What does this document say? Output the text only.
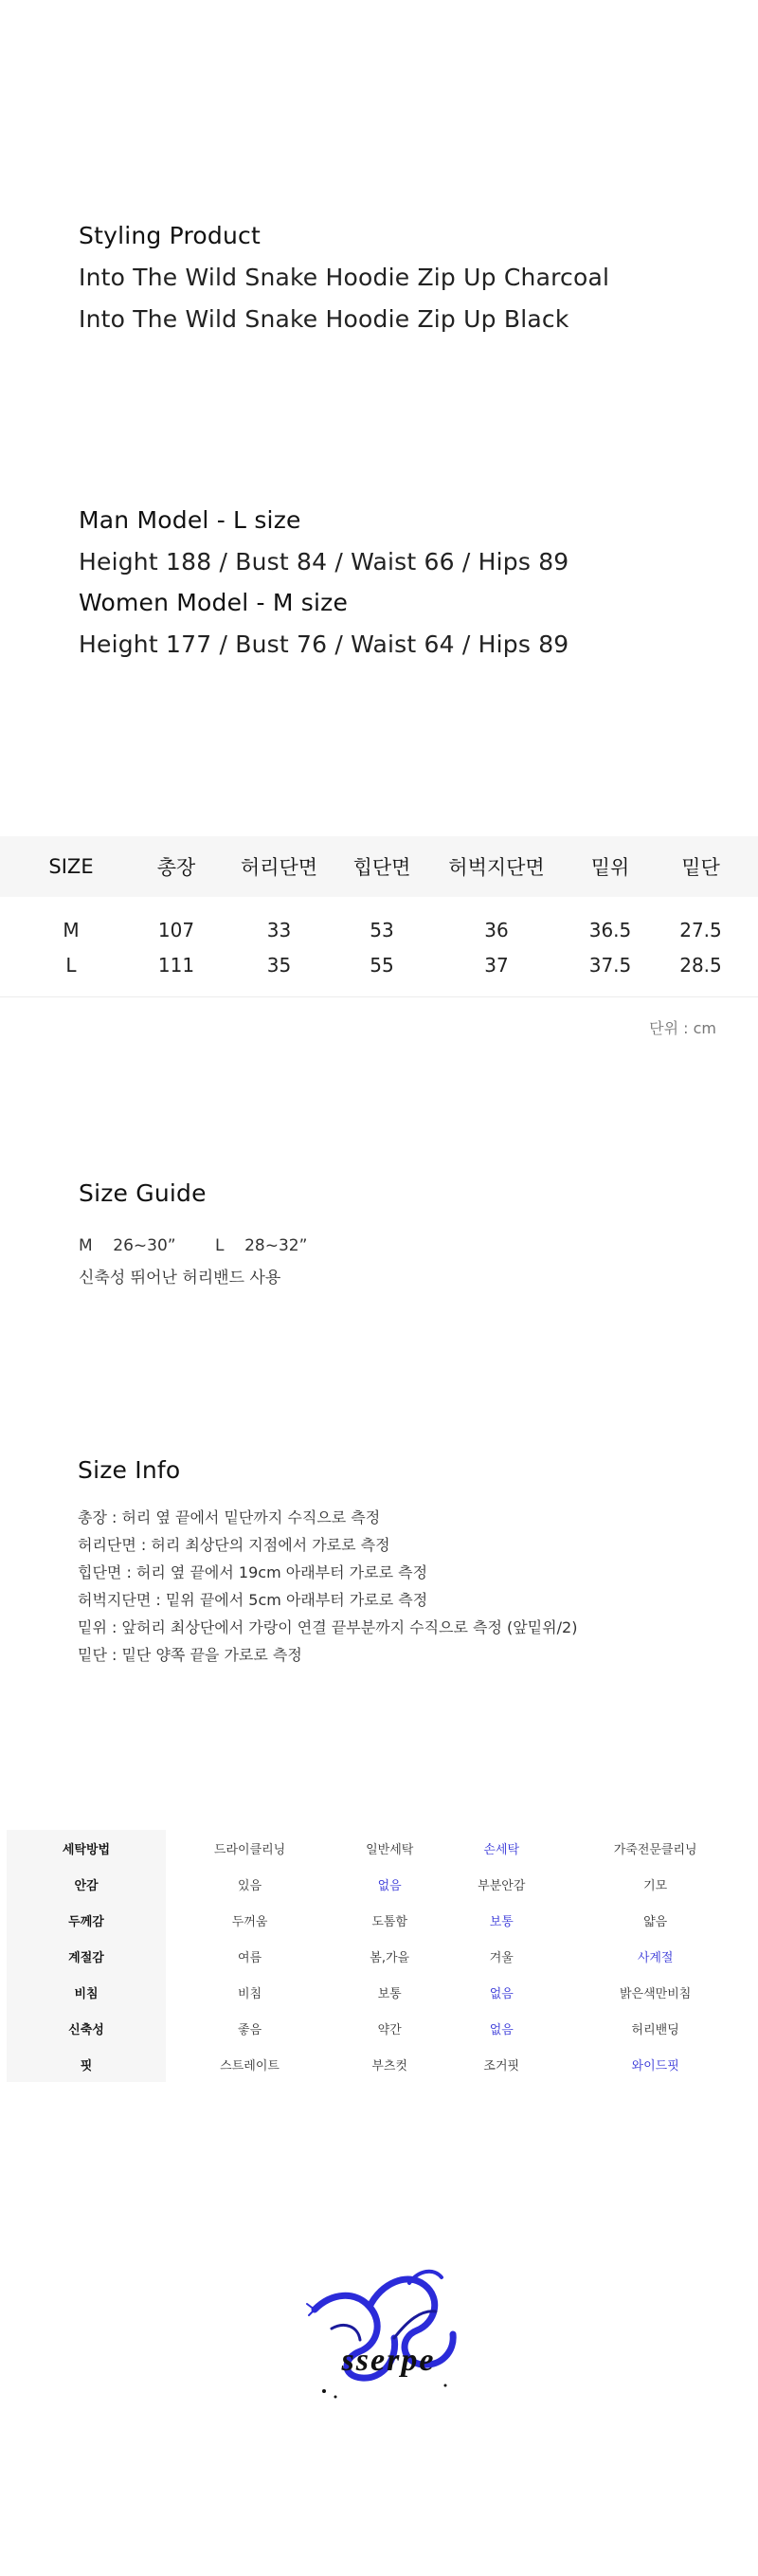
Styling Product
Into The Wild Snake Hoodie Zip Up Charcoal
Into The Wild Snake Hoodie Zip Up Black
Man Model - L size
Height 188 / Bust 84 / Waist 66 / Hips 89
Women Model - M size
Height 177 / Bust 76 / Waist 64 / Hips 89
SIZE	총장	허리단면	힙단면	허벅지단면	밑위	밑단
M	107	33	53	36	36.5	27.5
L	111	35	55	37	37.5	28.5
단위 : cm
Size Guide
M    26~30” L    28~32”
신축성 뛰어난 허리밴드 사용
Size Info
총장 : 허리 옆 끝에서 밑단까지 수직으로 측정
허리단면 : 허리 최상단의 지점에서 가로로 측정
힙단면 : 허리 옆 끝에서 19cm 아래부터 가로로 측정
허벅지단면 : 밑위 끝에서 5cm 아래부터 가로로 측정
밑위 : 앞허리 최상단에서 가랑이 연결 끝부분까지 수직으로 측정 (앞밑위/2)
밑단 : 밑단 양쪽 끝을 가로로 측정
세탁방법	드라이클리닝	일반세탁	손세탁	가죽전문클리닝
안감	있음	없음	부분안감	기모
두께감	두꺼움	도톰함	보통	얇음
계절감	여름	봄,가을	겨울	사계절
비침	비침	보통	없음	밝은색만비침
신축성	좋음	약간	없음	허리밴딩
핏	스트레이트	부츠컷	조거핏	와이드핏
sserpe
